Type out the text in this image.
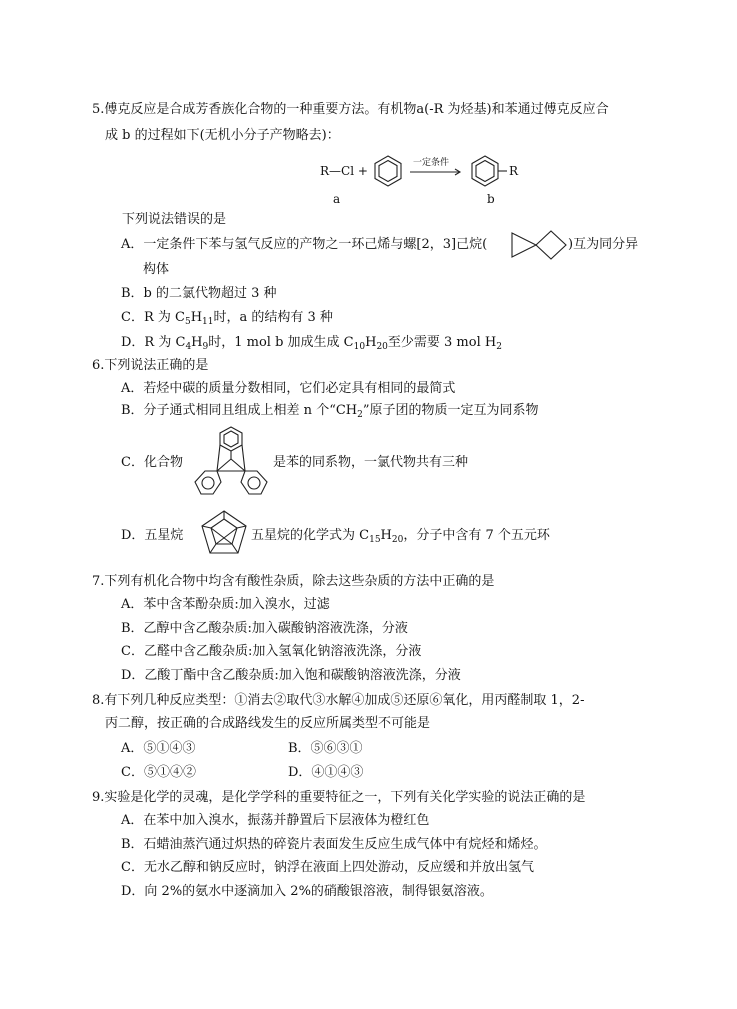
5.傅克反应是合成芳香族化合物的一种重要方法。有机物a(-R 为烃基)和苯通过傅克反应合
成 b 的过程如下(无机小分子产物略去)：
R—Cl +
一定条件
R
a	b
下列说法错误的是
A．一定条件下苯与氢气反应的产物之一环己烯与螺[2，3]己烷(	)互为同分异
构体
B．b 的二氯代物超过 3 种
C．R 为 $C_5H_{11}$时，a 的结构有 3 种
D．R 为 $C_4H_9$时，1 mol b 加成生成 $C_{10}H_{20}$至少需要 3 mol $H_2$
6.下列说法正确的是
A．若烃中碳的质量分数相同，它们必定具有相同的最简式
B．分子通式相同且组成上相差 n 个“$CH_2$”原子团的物质一定互为同系物
C．化合物	是苯的同系物，一氯代物共有三种
D．五星烷	五星烷的化学式为 $C_{15}H_{20}$，分子中含有 7 个五元环
7.下列有机化合物中均含有酸性杂质，除去这些杂质的方法中正确的是
A．苯中含苯酚杂质:加入溴水，过滤
B．乙醇中含乙酸杂质:加入碳酸钠溶液洗涤，分液
C．乙醛中含乙酸杂质:加入氢氧化钠溶液洗涤，分液
D．乙酸丁酯中含乙酸杂质:加入饱和碳酸钠溶液洗涤，分液
8.有下列几种反应类型：①消去②取代③水解④加成⑤还原⑥氧化，用丙醛制取 1，2-
丙二醇，按正确的合成路线发生的反应所属类型不可能是
A．⑤①④③	B．⑤⑥③①
C．⑤①④②	D．④①④③
9.实验是化学的灵魂，是化学学科的重要特征之一，下列有关化学实验的说法正确的是
A．在苯中加入溴水，振荡并静置后下层液体为橙红色
B．石蜡油蒸汽通过炽热的碎瓷片表面发生反应生成气体中有烷烃和烯烃。
C．无水乙醇和钠反应时，钠浮在液面上四处游动，反应缓和并放出氢气
D．向 2%的氨水中逐滴加入 2%的硝酸银溶液，制得银氨溶液。
